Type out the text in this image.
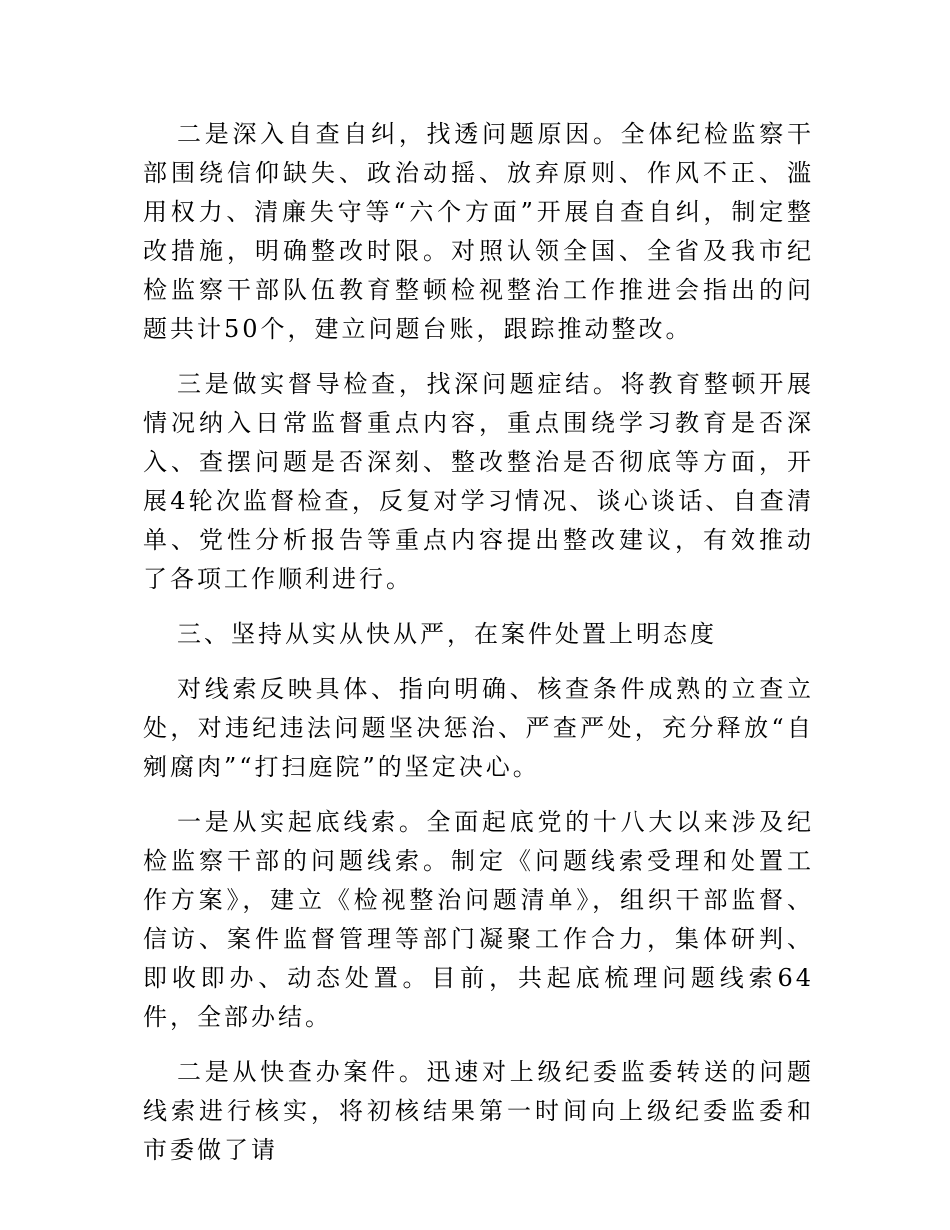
二是深入自查自纠，找透问题原因。全体纪检监察干部围绕信仰缺失、政治动摇、放弃原则、作风不正、滥用权力、清廉失守等“六个方面”开展自查自纠，制定整改措施，明确整改时限。对照认领全国、全省及我市纪检监察干部队伍教育整顿检视整治工作推进会指出的问题共计50个，建立问题台账，跟踪推动整改。

三是做实督导检查，找深问题症结。将教育整顿开展情况纳入日常监督重点内容，重点围绕学习教育是否深入、查摆问题是否深刻、整改整治是否彻底等方面，开展4轮次监督检查，反复对学习情况、谈心谈话、自查清单、党性分析报告等重点内容提出整改建议，有效推动了各项工作顺利进行。

三、坚持从实从快从严，在案件处置上明态度

对线索反映具体、指向明确、核查条件成熟的立查立处，对违纪违法问题坚决惩治、严查严处，充分释放“自剜腐肉”“打扫庭院”的坚定决心。

一是从实起底线索。全面起底党的十八大以来涉及纪检监察干部的问题线索。制定《问题线索受理和处置工作方案》，建立《检视整治问题清单》，组织干部监督、信访、案件监督管理等部门凝聚工作合力，集体研判、即收即办、动态处置。目前，共起底梳理问题线索64件，全部办结。

二是从快查办案件。迅速对上级纪委监委转送的问题线索进行核实，将初核结果第一时间向上级纪委监委和市委做了请
